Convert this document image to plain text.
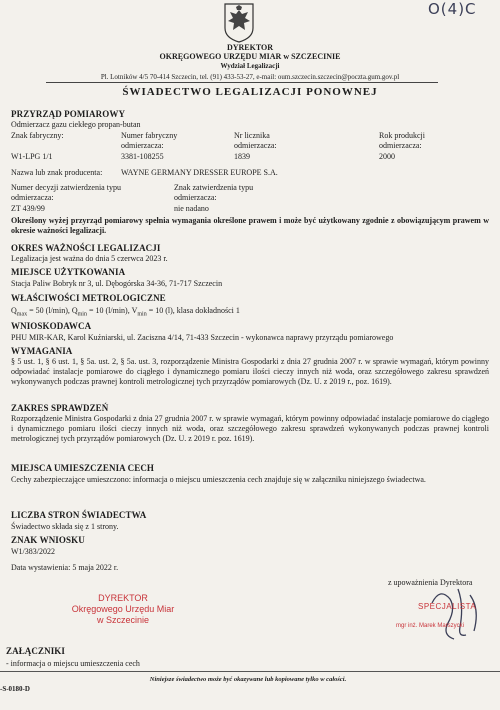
O(4)C
DYREKTOR
OKRĘGOWEGO URZĘDU MIAR w SZCZECINIE
Wydział Legalizacji
Pl. Lotników 4/5 70-414 Szczecin, tel. (91) 433-53-27, e-mail: oum.szczecin.szczecin@poczta.gum.gov.pl
ŚWIADECTWO LEGALIZACJI PONOWNEJ
PRZYRZĄD POMIAROWY
Odmierzacz gazu ciekłego propan-butan
Znak fabryczny:
W1-LPG 1/1
Numer fabryczny
odmierzacza:
3381-108255
Nr licznika
odmierzacza:
1839
Rok produkcji
odmierzacza:
2000
Nazwa lub znak producenta: WAYNE GERMANY DRESSER EUROPE S.A.
Numer decyzji zatwierdzenia typu
odmierzacza:
ZT 439/99
Znak zatwierdzenia typu
odmierzacza:
nie nadano
Określony wyżej przyrząd pomiarowy spełnia wymagania określone prawem i może być użytkowany zgodnie z obowiązującym prawem w okresie ważności legalizacji.
OKRES WAŻNOŚCI LEGALIZACJI
Legalizacja jest ważna do dnia 5 czerwca 2023 r.
MIEJSCE UŻYTKOWANIA
Stacja Paliw Bobryk nr 3, ul. Dębogórska 34-36, 71-717 Szczecin
WŁAŚCIWOŚCI METROLOGICZNE
$Q_{max} = 50$ (l/min), $Q_{min} = 10$ (l/min), $V_{min} = 10$ (l), klasa dokładności 1
WNIOSKODAWCA
PHU MIR-KAR, Karol Kuźniarski, ul. Zaciszna 4/14, 71-433 Szczecin - wykonawca naprawy przyrządu pomiarowego
WYMAGANIA
§ 5 ust. 1, § 6 ust. 1, § 5a. ust. 2, § 5a. ust. 3, rozporządzenie Ministra Gospodarki z dnia 27 grudnia 2007 r. w sprawie wymagań, którym powinny odpowiadać instalacje pomiarowe do ciągłego i dynamicznego pomiaru ilości cieczy innych niż woda, oraz szczegółowego zakresu sprawdzeń wykonywanych podczas prawnej kontroli metrologicznej tych przyrządów pomiarowych (Dz. U. z 2019 r., poz. 1619).
ZAKRES SPRAWDZEŃ
Rozporządzenie Ministra Gospodarki z dnia 27 grudnia 2007 r. w sprawie wymagań, którym powinny odpowiadać instalacje pomiarowe do ciągłego i dynamicznego pomiaru ilości cieczy innych niż woda, oraz szczegółowego zakresu sprawdzeń wykonywanych podczas prawnej kontroli metrologicznej tych przyrządów pomiarowych (Dz. U. z 2019 r. poz. 1619).
MIEJSCA UMIESZCZENIA CECH
Cechy zabezpieczające umieszczono: informacja o miejscu umieszczenia cech znajduje się w załączniku niniejszego świadectwa.
LICZBA STRON ŚWIADECTWA
Świadectwo składa się z 1 strony.
ZNAK WNIOSKU
W1/383/2022
Data wystawienia: 5 maja 2022 r.
z upoważnienia Dyrektora
SPECJALISTA
mgr inż. Marek Marszycki
DYREKTOR
Okręgowego Urzędu Miar
w Szczecinie
ZAŁĄCZNIKI
- informacja o miejscu umieszczenia cech
-S-0180-D
Niniejsze świadectwo może być okazywane lub kopiowane tylko w całości.
